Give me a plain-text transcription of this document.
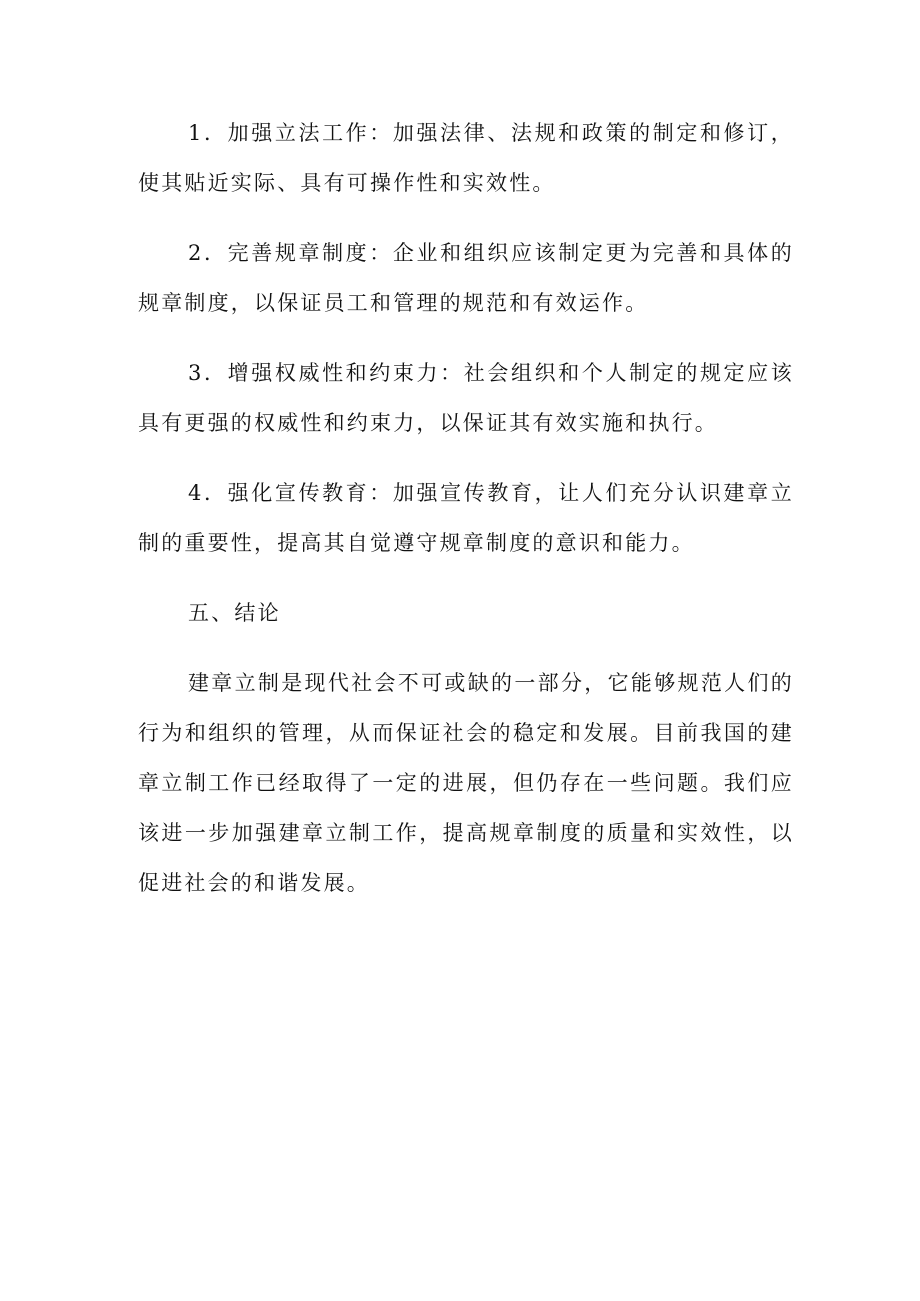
1．加强立法工作：加强法律、法规和政策的制定和修订，使其贴近实际、具有可操作性和实效性。

2．完善规章制度：企业和组织应该制定更为完善和具体的规章制度，以保证员工和管理的规范和有效运作。

3．增强权威性和约束力：社会组织和个人制定的规定应该具有更强的权威性和约束力，以保证其有效实施和执行。

4．强化宣传教育：加强宣传教育，让人们充分认识建章立制的重要性，提高其自觉遵守规章制度的意识和能力。

五、结论

建章立制是现代社会不可或缺的一部分，它能够规范人们的行为和组织的管理，从而保证社会的稳定和发展。目前我国的建章立制工作已经取得了一定的进展，但仍存在一些问题。我们应该进一步加强建章立制工作，提高规章制度的质量和实效性，以促进社会的和谐发展。
